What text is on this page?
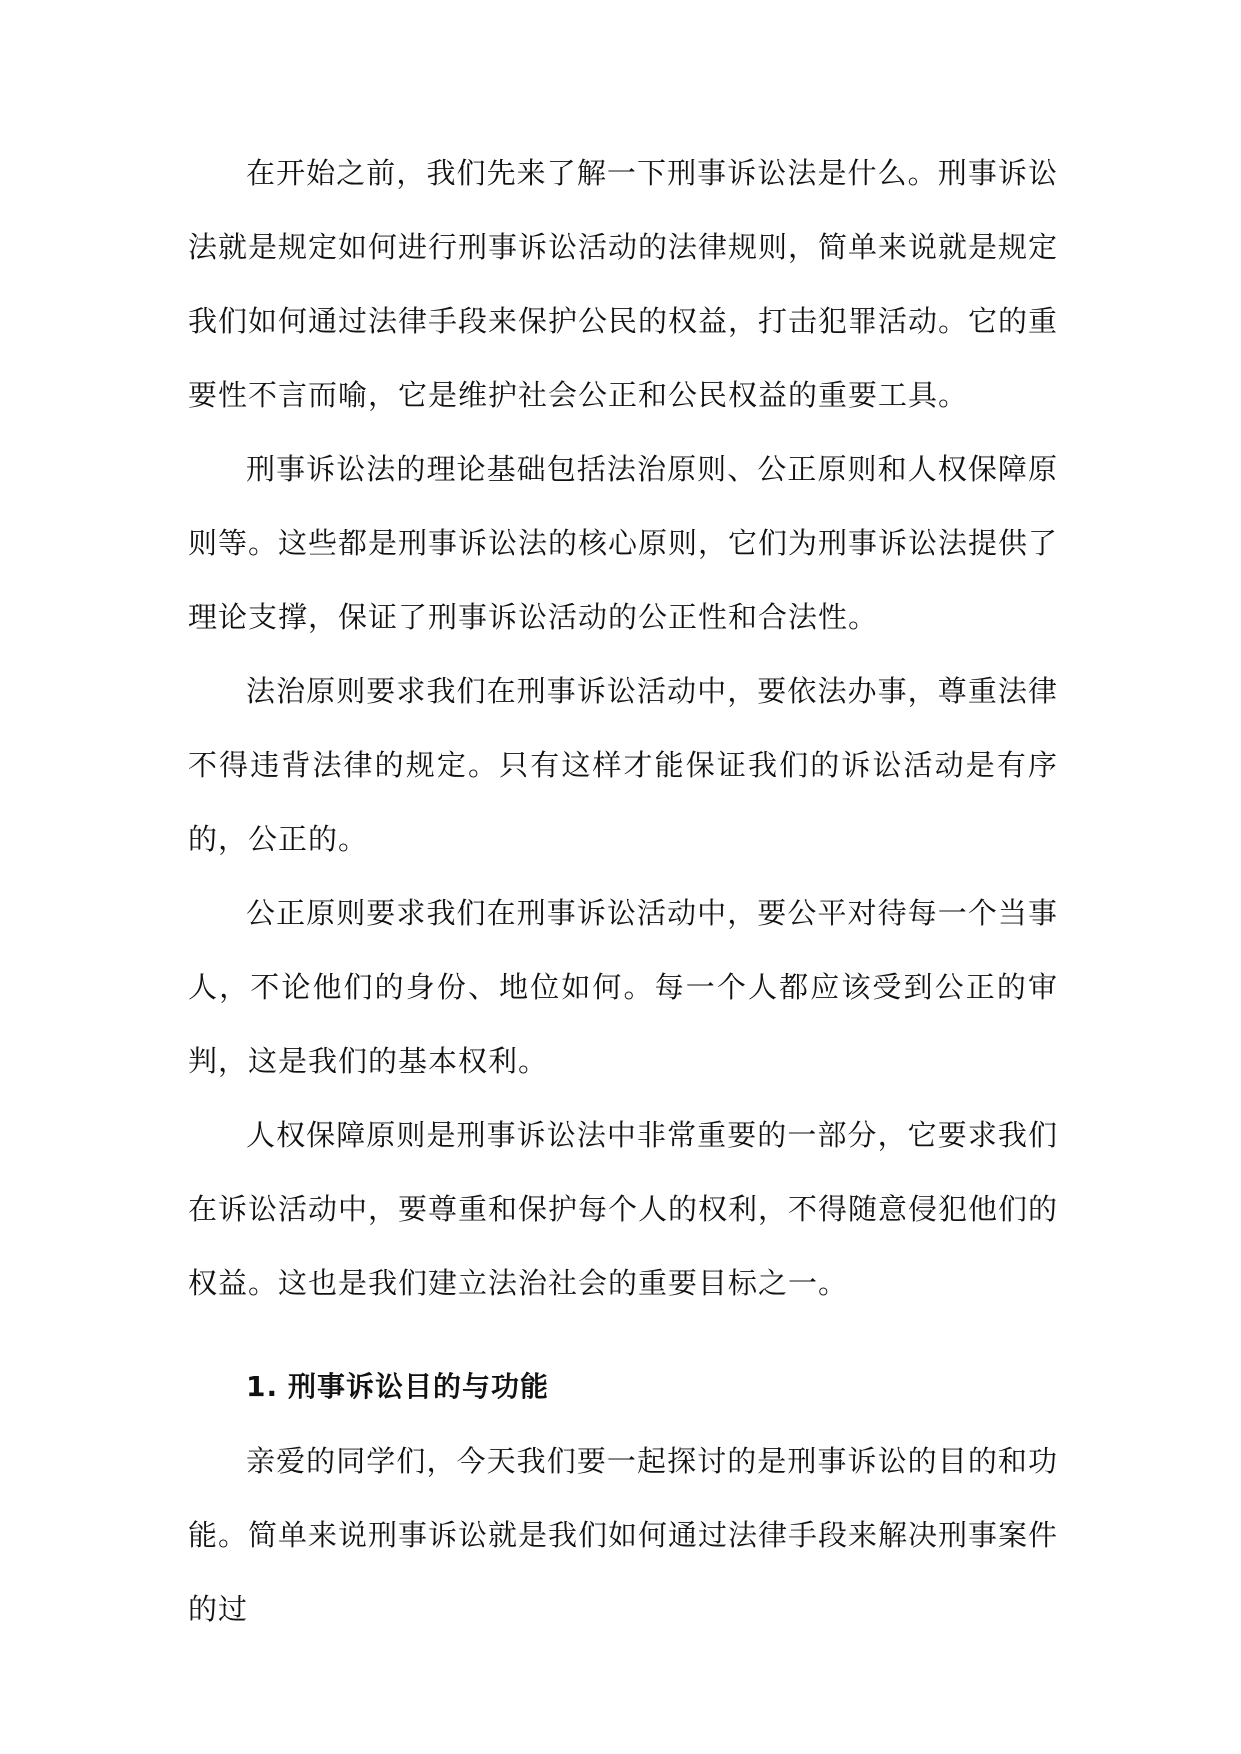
在开始之前，我们先来了解一下刑事诉讼法是什么。刑事诉讼法就是规定如何进行刑事诉讼活动的法律规则，简单来说就是规定我们如何通过法律手段来保护公民的权益，打击犯罪活动。它的重要性不言而喻，它是维护社会公正和公民权益的重要工具。

刑事诉讼法的理论基础包括法治原则、公正原则和人权保障原则等。这些都是刑事诉讼法的核心原则，它们为刑事诉讼法提供了理论支撑，保证了刑事诉讼活动的公正性和合法性。

法治原则要求我们在刑事诉讼活动中，要依法办事，尊重法律不得违背法律的规定。只有这样才能保证我们的诉讼活动是有序的，公正的。

公正原则要求我们在刑事诉讼活动中，要公平对待每一个当事人，不论他们的身份、地位如何。每一个人都应该受到公正的审判，这是我们的基本权利。

人权保障原则是刑事诉讼法中非常重要的一部分，它要求我们在诉讼活动中，要尊重和保护每个人的权利，不得随意侵犯他们的权益。这也是我们建立法治社会的重要目标之一。

1. 刑事诉讼目的与功能

亲爱的同学们，今天我们要一起探讨的是刑事诉讼的目的和功能。简单来说刑事诉讼就是我们如何通过法律手段来解决刑事案件的过
